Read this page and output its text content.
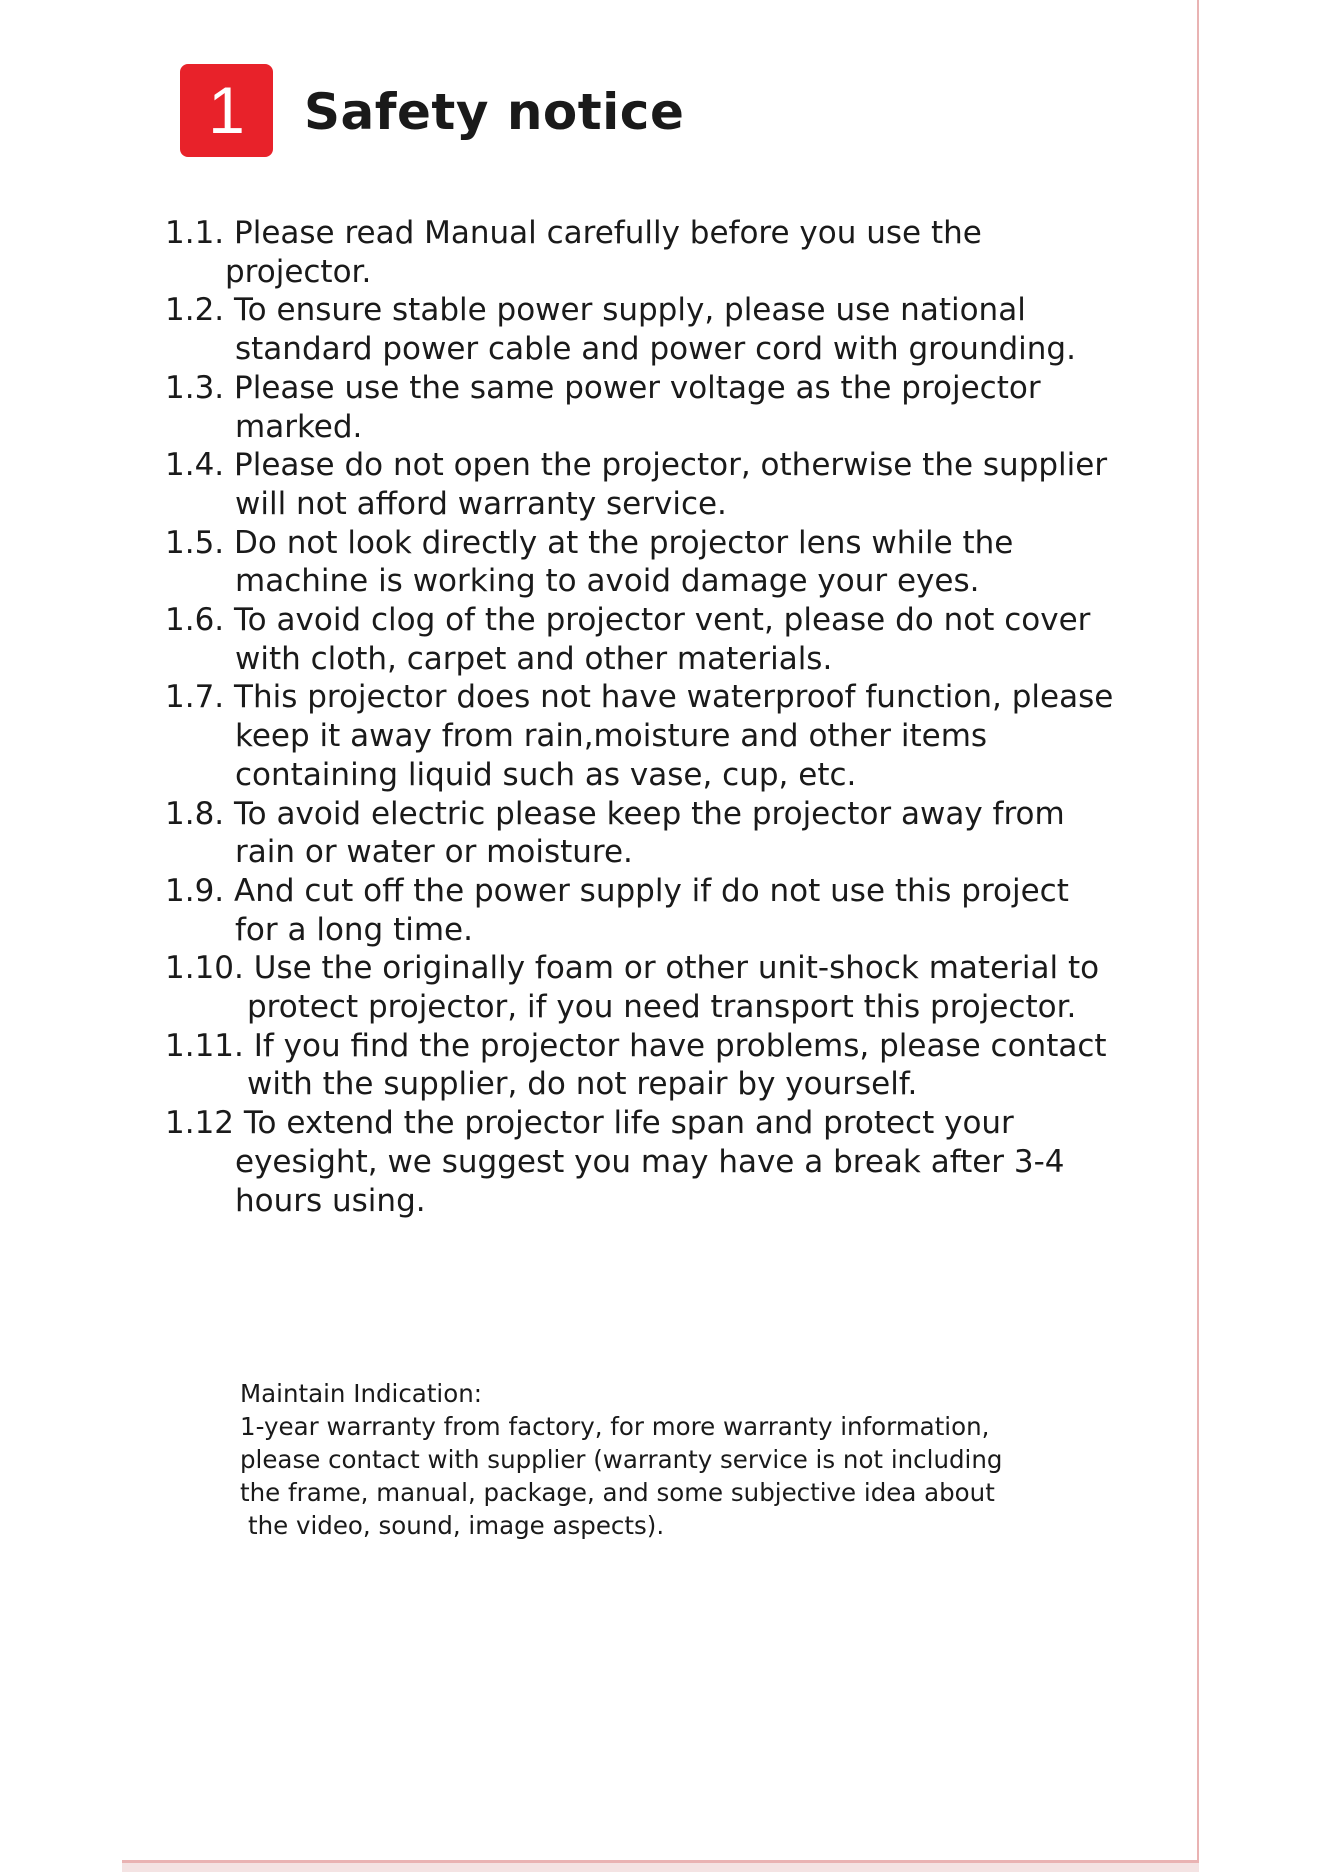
1	Safety notice
1.1. Please read Manual carefully before you use the
projector.
1.2. To ensure stable power supply, please use national
standard power cable and power cord with grounding.
1.3. Please use the same power voltage as the projector
marked.
1.4. Please do not open the projector, otherwise the supplier
will not afford warranty service.
1.5. Do not look directly at the projector lens while the
machine is working to avoid damage your eyes.
1.6. To avoid clog of the projector vent, please do not cover
with cloth, carpet and other materials.
1.7. This projector does not have waterproof function, please
keep it away from rain,moisture and other items
containing liquid such as vase, cup, etc.
1.8. To avoid electric please keep the projector away from
rain or water or moisture.
1.9. And cut off the power supply if do not use this project
for a long time.
1.10. Use the originally foam or other unit-shock material to
protect projector, if you need transport this projector.
1.11. If you find the projector have problems, please contact
with the supplier, do not repair by yourself.
1.12 To extend the projector life span and protect your
eyesight, we suggest you may have a break after 3-4
hours using.
Maintain Indication:
1-year warranty from factory, for more warranty information,
please contact with supplier (warranty service is not including
the frame, manual, package, and some subjective idea about
the video, sound, image aspects).
